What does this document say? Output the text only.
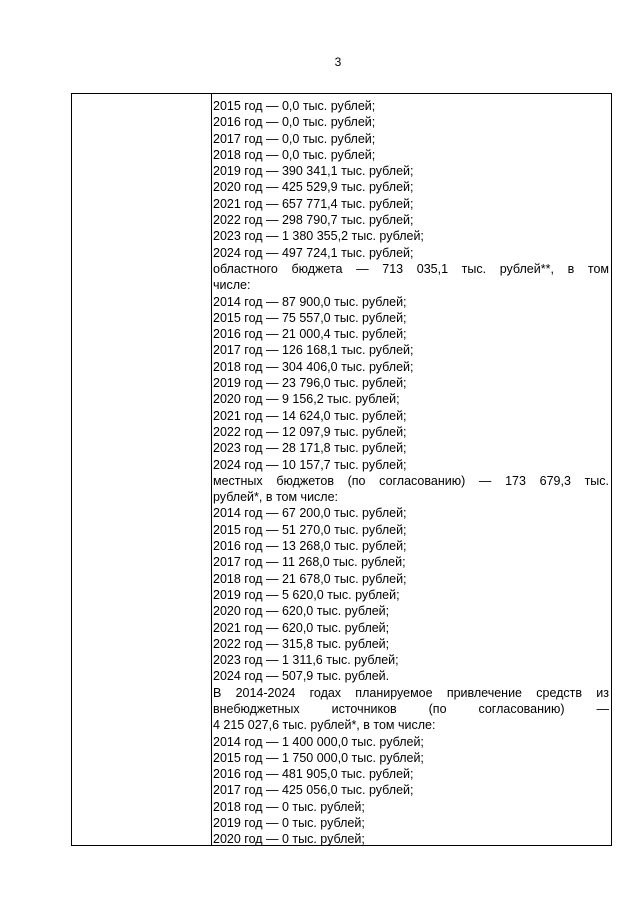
3
2015 год — 0,0 тыс. рублей;
2016 год — 0,0 тыс. рублей;
2017 год — 0,0 тыс. рублей;
2018 год — 0,0 тыс. рублей;
2019 год — 390 341,1 тыс. рублей;
2020 год — 425 529,9 тыс. рублей;
2021 год — 657 771,4 тыс. рублей;
2022 год — 298 790,7 тыс. рублей;
2023 год — 1 380 355,2 тыс. рублей;
2024 год — 497 724,1 тыс. рублей;
областного бюджета — 713 035,1 тыс. рублей**, в том
числе:
2014 год — 87 900,0 тыс. рублей;
2015 год — 75 557,0 тыс. рублей;
2016 год — 21 000,4 тыс. рублей;
2017 год — 126 168,1 тыс. рублей;
2018 год — 304 406,0 тыс. рублей;
2019 год — 23 796,0 тыс. рублей;
2020 год — 9 156,2 тыс. рублей;
2021 год — 14 624,0 тыс. рублей;
2022 год — 12 097,9 тыс. рублей;
2023 год — 28 171,8 тыс. рублей;
2024 год — 10 157,7 тыс. рублей;
местных бюджетов (по согласованию) — 173 679,3 тыс.
рублей*, в том числе:
2014 год — 67 200,0 тыс. рублей;
2015 год — 51 270,0 тыс. рублей;
2016 год — 13 268,0 тыс. рублей;
2017 год — 11 268,0 тыс. рублей;
2018 год — 21 678,0 тыс. рублей;
2019 год — 5 620,0 тыс. рублей;
2020 год — 620,0 тыс. рублей;
2021 год — 620,0 тыс. рублей;
2022 год — 315,8 тыс. рублей;
2023 год — 1 311,6 тыс. рублей;
2024 год — 507,9 тыс. рублей.
В 2014-2024 годах планируемое привлечение средств из
внебюджетных источников (по согласованию) —
4 215 027,6 тыс. рублей*, в том числе:
2014 год — 1 400 000,0 тыс. рублей;
2015 год — 1 750 000,0 тыс. рублей;
2016 год — 481 905,0 тыс. рублей;
2017 год — 425 056,0 тыс. рублей;
2018 год — 0 тыс. рублей;
2019 год — 0 тыс. рублей;
2020 год — 0 тыс. рублей;
